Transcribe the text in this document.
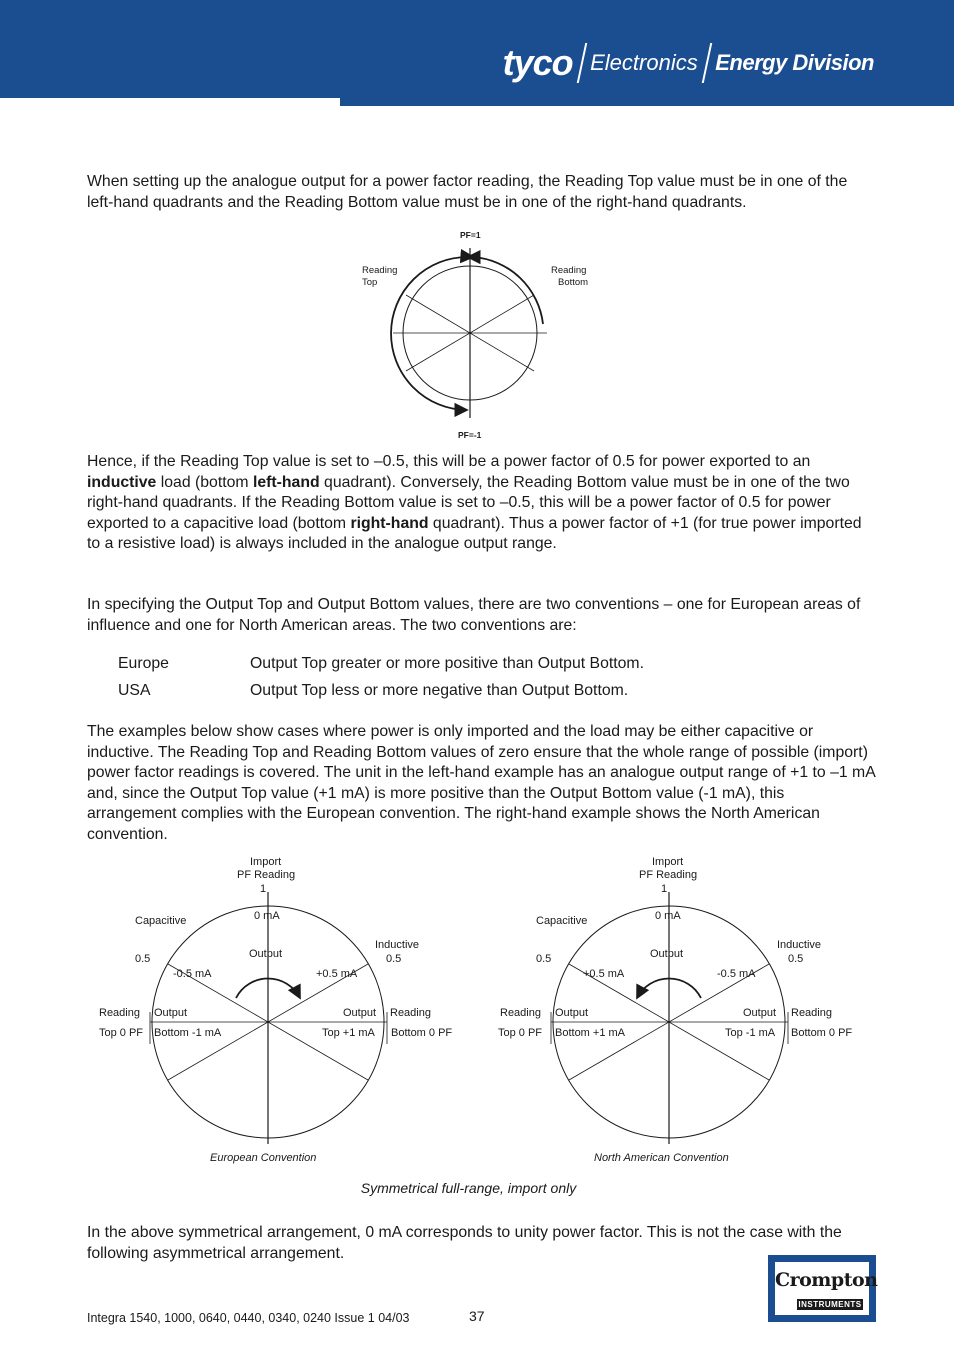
tyco Electronics Energy Division

When setting up the analogue output for a power factor reading, the Reading Top value must be in one of the left-hand quadrants and the Reading Bottom value must be in one of the right-hand quadrants.

PF=1
PF=-1
Reading
Top
Reading
Bottom

Hence, if the Reading Top value is set to –0.5, this will be a power factor of 0.5 for power exported to an inductive load (bottom left-hand quadrant). Conversely, the Reading Bottom value must be in one of the two right-hand quadrants. If the Reading Bottom value is set to –0.5, this will be a power factor of 0.5 for power exported to a capacitive load (bottom right-hand quadrant). Thus a power factor of +1 (for true power imported to a resistive load) is always included in the analogue output range.

In specifying the Output Top and Output Bottom values, there are two conventions – one for European areas of influence and one for North American areas. The two conventions are:

Europe	Output Top greater or more positive than Output Bottom.
USA	Output Top less or more negative than Output Bottom.

The examples below show cases where power is only imported and the load may be either capacitive or inductive. The Reading Top and Reading Bottom values of zero ensure that the whole range of possible (import) power factor readings is covered. The unit in the left-hand example has an analogue output range of +1 to –1 mA and, since the Output Top value (+1 mA) is more positive than the Output Bottom value (-1 mA), this arrangement complies with the European convention. The right-hand example shows the North American convention.

Import
PF Reading
1
0 mA
Output
Capacitive
Inductive
0.5	0.5
-0.5 mA	+0.5 mA
Reading Output	Output Reading
Top 0 PF Bottom -1 mA	Top +1 mA Bottom 0 PF
European Convention
Import
PF Reading
1
0 mA
Output
Capacitive
Inductive
0.5	0.5
+0.5 mA	-0.5 mA
Reading Output	Output Reading
Top 0 PF Bottom +1 mA	Top -1 mA Bottom 0 PF
North American Convention
Symmetrical full-range, import only

In the above symmetrical arrangement, 0 mA corresponds to unity power factor. This is not the case with the following asymmetrical arrangement.

Integra 1540, 1000, 0640, 0440, 0340, 0240 Issue 1 04/03	37
Crompton
INSTRUMENTS
